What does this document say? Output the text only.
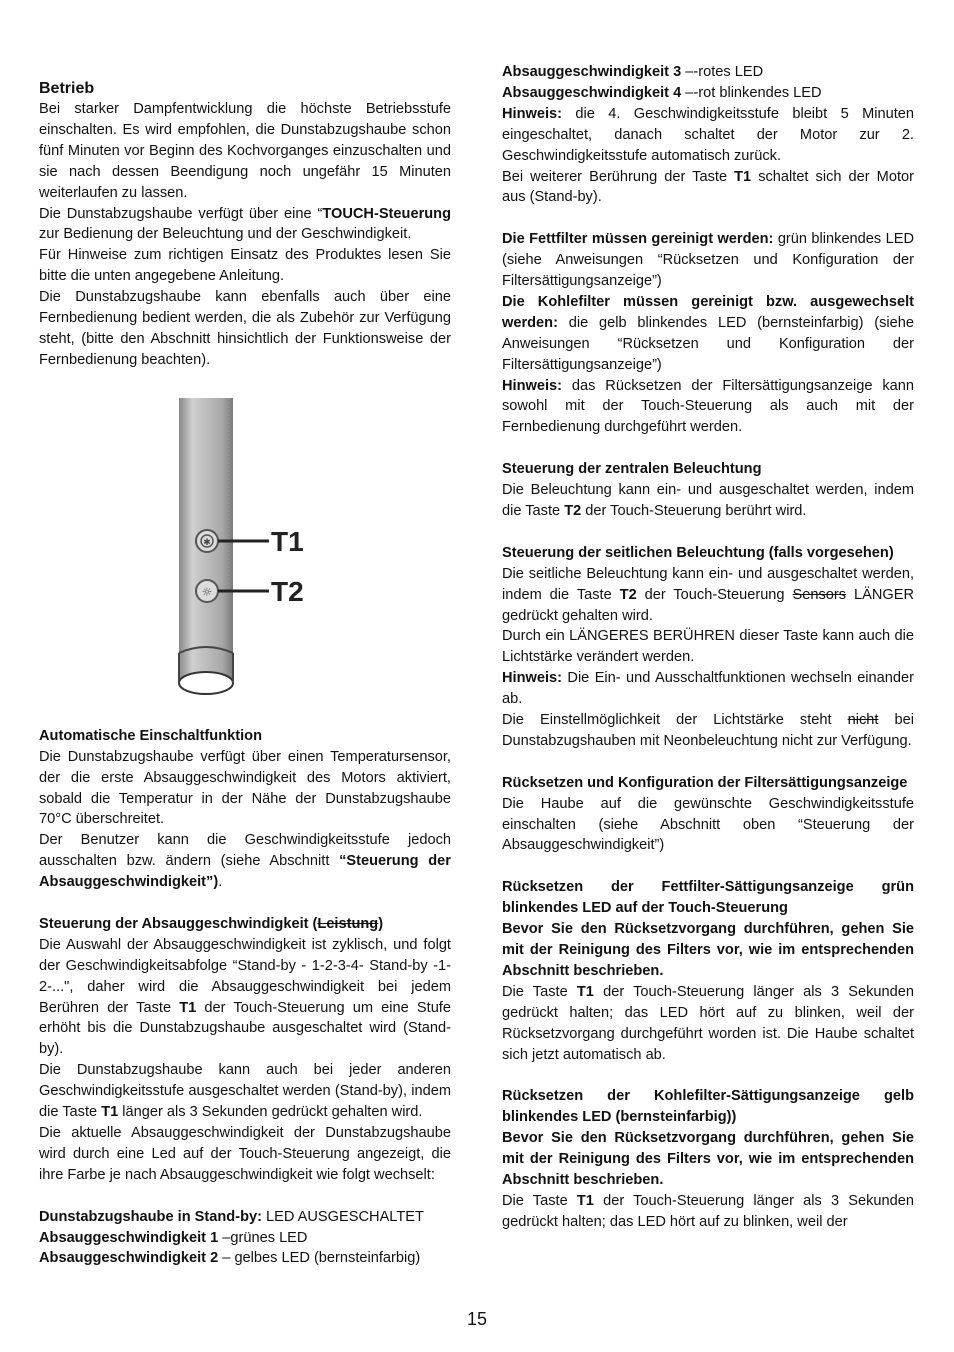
Betrieb

Bei starker Dampfentwicklung die höchste Betriebsstufe einschalten. Es wird empfohlen, die Dunstabzugshaube schon fünf Minuten vor Beginn des Kochvorganges einzuschalten und sie nach dessen Beendigung noch ungefähr 15 Minuten weiterlaufen zu lassen.

Die Dunstabzugshaube verfügt über eine “TOUCH-Steuerung zur Bedienung der Beleuchtung und der Geschwindigkeit.

Für Hinweise zum richtigen Einsatz des Produktes lesen Sie bitte die unten angegebene Anleitung.

Die Dunstabzugshaube kann ebenfalls auch über eine Fernbedienung bedient werden, die als Zubehör zur Verfügung steht, (bitte den Abschnitt hinsichtlich der Funktionsweise der Fernbedienung beachten).

✱ T1
☼ T2

Automatische Einschaltfunktion

Die Dunstabzugshaube verfügt über einen Temperatursensor, der die erste Absauggeschwindigkeit des Motors aktiviert, sobald die Temperatur in der Nähe der Dunstabzugshaube 70°C überschreitet.

Der Benutzer kann die Geschwindigkeitsstufe jedoch ausschalten bzw. ändern (siehe Abschnitt “Steuerung der Absauggeschwindigkeit”).

Steuerung der Absauggeschwindigkeit (Leistung)

Die Auswahl der Absauggeschwindigkeit ist zyklisch, und folgt der Geschwindigkeitsabfolge “Stand-by - 1-2-3-4- Stand-by -1-2-...", daher wird die Absauggeschwindigkeit bei jedem Berühren der Taste T1 der Touch-Steuerung um eine Stufe erhöht bis die Dunstabzugshaube ausgeschaltet wird (Stand-by).

Die Dunstabzugshaube kann auch bei jeder anderen Geschwindigkeitsstufe ausgeschaltet werden (Stand-by), indem die Taste T1 länger als 3 Sekunden gedrückt gehalten wird.

Die aktuelle Absauggeschwindigkeit der Dunstabzugshaube wird durch eine Led auf der Touch-Steuerung angezeigt, die ihre Farbe je nach Absauggeschwindigkeit wie folgt wechselt:

Dunstabzugshaube in Stand-by: LED AUSGESCHALTET

Absauggeschwindigkeit 1 –grünes LED

Absauggeschwindigkeit 2 – gelbes LED (bernsteinfarbig)

Absauggeschwindigkeit 3 –-rotes LED

Absauggeschwindigkeit 4 –-rot blinkendes LED

Hinweis: die 4. Geschwindigkeitsstufe bleibt 5 Minuten eingeschaltet, danach schaltet der Motor zur 2. Geschwindigkeitsstufe automatisch zurück.

Bei weiterer Berührung der Taste T1 schaltet sich der Motor aus (Stand-by).

Die Fettfilter müssen gereinigt werden: grün blinkendes LED (siehe Anweisungen “Rücksetzen und Konfiguration der Filtersättigungsanzeige”)

Die Kohlefilter müssen gereinigt bzw. ausgewechselt werden: die gelb blinkendes LED (bernsteinfarbig) (siehe Anweisungen “Rücksetzen und Konfiguration der Filtersättigungsanzeige”)

Hinweis: das Rücksetzen der Filtersättigungsanzeige kann sowohl mit der Touch-Steuerung als auch mit der Fernbedienung durchgeführt werden.

Steuerung der zentralen Beleuchtung

Die Beleuchtung kann ein- und ausgeschaltet werden, indem die Taste T2 der Touch-Steuerung berührt wird.

Steuerung der seitlichen Beleuchtung (falls vorgesehen)

Die seitliche Beleuchtung kann ein- und ausgeschaltet werden, indem die Taste T2 der Touch-Steuerung Sensors LÄNGER gedrückt gehalten wird.

Durch ein LÄNGERES BERÜHREN dieser Taste kann auch die Lichtstärke verändert werden.

Hinweis: Die Ein- und Ausschaltfunktionen wechseln einander ab.

Die Einstellmöglichkeit der Lichtstärke steht nicht bei Dunstabzugshauben mit Neonbeleuchtung nicht zur Verfügung.

Rücksetzen und Konfiguration der Filtersättigungsanzeige

Die Haube auf die gewünschte Geschwindigkeitsstufe einschalten (siehe Abschnitt oben “Steuerung der Absauggeschwindigkeit”)

Rücksetzen der Fettfilter-Sättigungsanzeige grün blinkendes LED auf der Touch-Steuerung

Bevor Sie den Rücksetzvorgang durchführen, gehen Sie mit der Reinigung des Filters vor, wie im entsprechenden Abschnitt beschrieben.

Die Taste T1 der Touch-Steuerung länger als 3 Sekunden gedrückt halten; das LED hört auf zu blinken, weil der Rücksetzvorgang durchgeführt worden ist. Die Haube schaltet sich jetzt automatisch ab.

Rücksetzen der Kohlefilter-Sättigungsanzeige gelb blinkendes LED (bernsteinfarbig))

Bevor Sie den Rücksetzvorgang durchführen, gehen Sie mit der Reinigung des Filters vor, wie im entsprechenden Abschnitt beschrieben.

Die Taste T1 der Touch-Steuerung länger als 3 Sekunden gedrückt halten; das LED hört auf zu blinken, weil der

15
